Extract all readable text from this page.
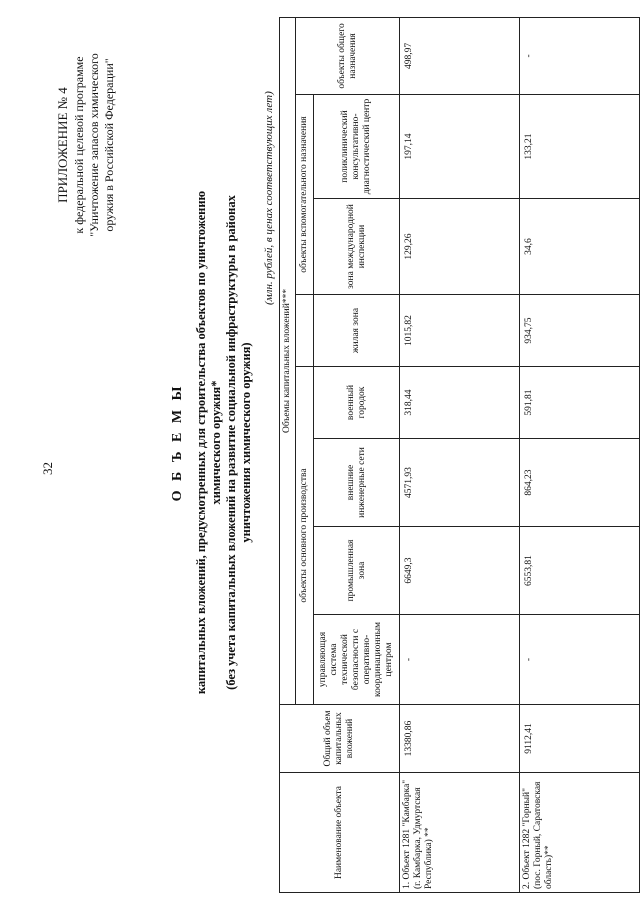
32
ПРИЛОЖЕНИЕ № 4 к федеральной целевой программе "Уничтожение запасов химического оружия в Российской Федерации"
О Б Ъ Е М Ы капитальных вложений, предусмотренных для строительства объектов по уничтожению химического оружия* (без учета капитальных вложений на развитие социальной инфраструктуры в районах уничтожения химического оружия)
(млн. рублей, в ценах соответствующих лет)
Наименование объекта	Общий объем капитальных вложений	Объемы капитальных вложений***							
		объекты основного производства					объекты вспомогательного назначения		объекты общего назначения
		управляющая система технической безопасности с оперативно-координационным центром	промышленная зона	внешние инженерные сети	военный городок	жилая зона	зона международной инспекции	поликлинический консультативно-диагностический центр	

1. Объект 1281 "Камбарка" (г. Камбарка, Удмуртская Республика) **	13380,86	-	6649,3	4571,93	318,44	1015,82	129,26	197,14	498,97
2. Объект 1282 "Горный" (пос. Горный, Саратовская область)**	9112,41	-	6553,81	864,23	591,81	934,75	34,6	133,21	-
